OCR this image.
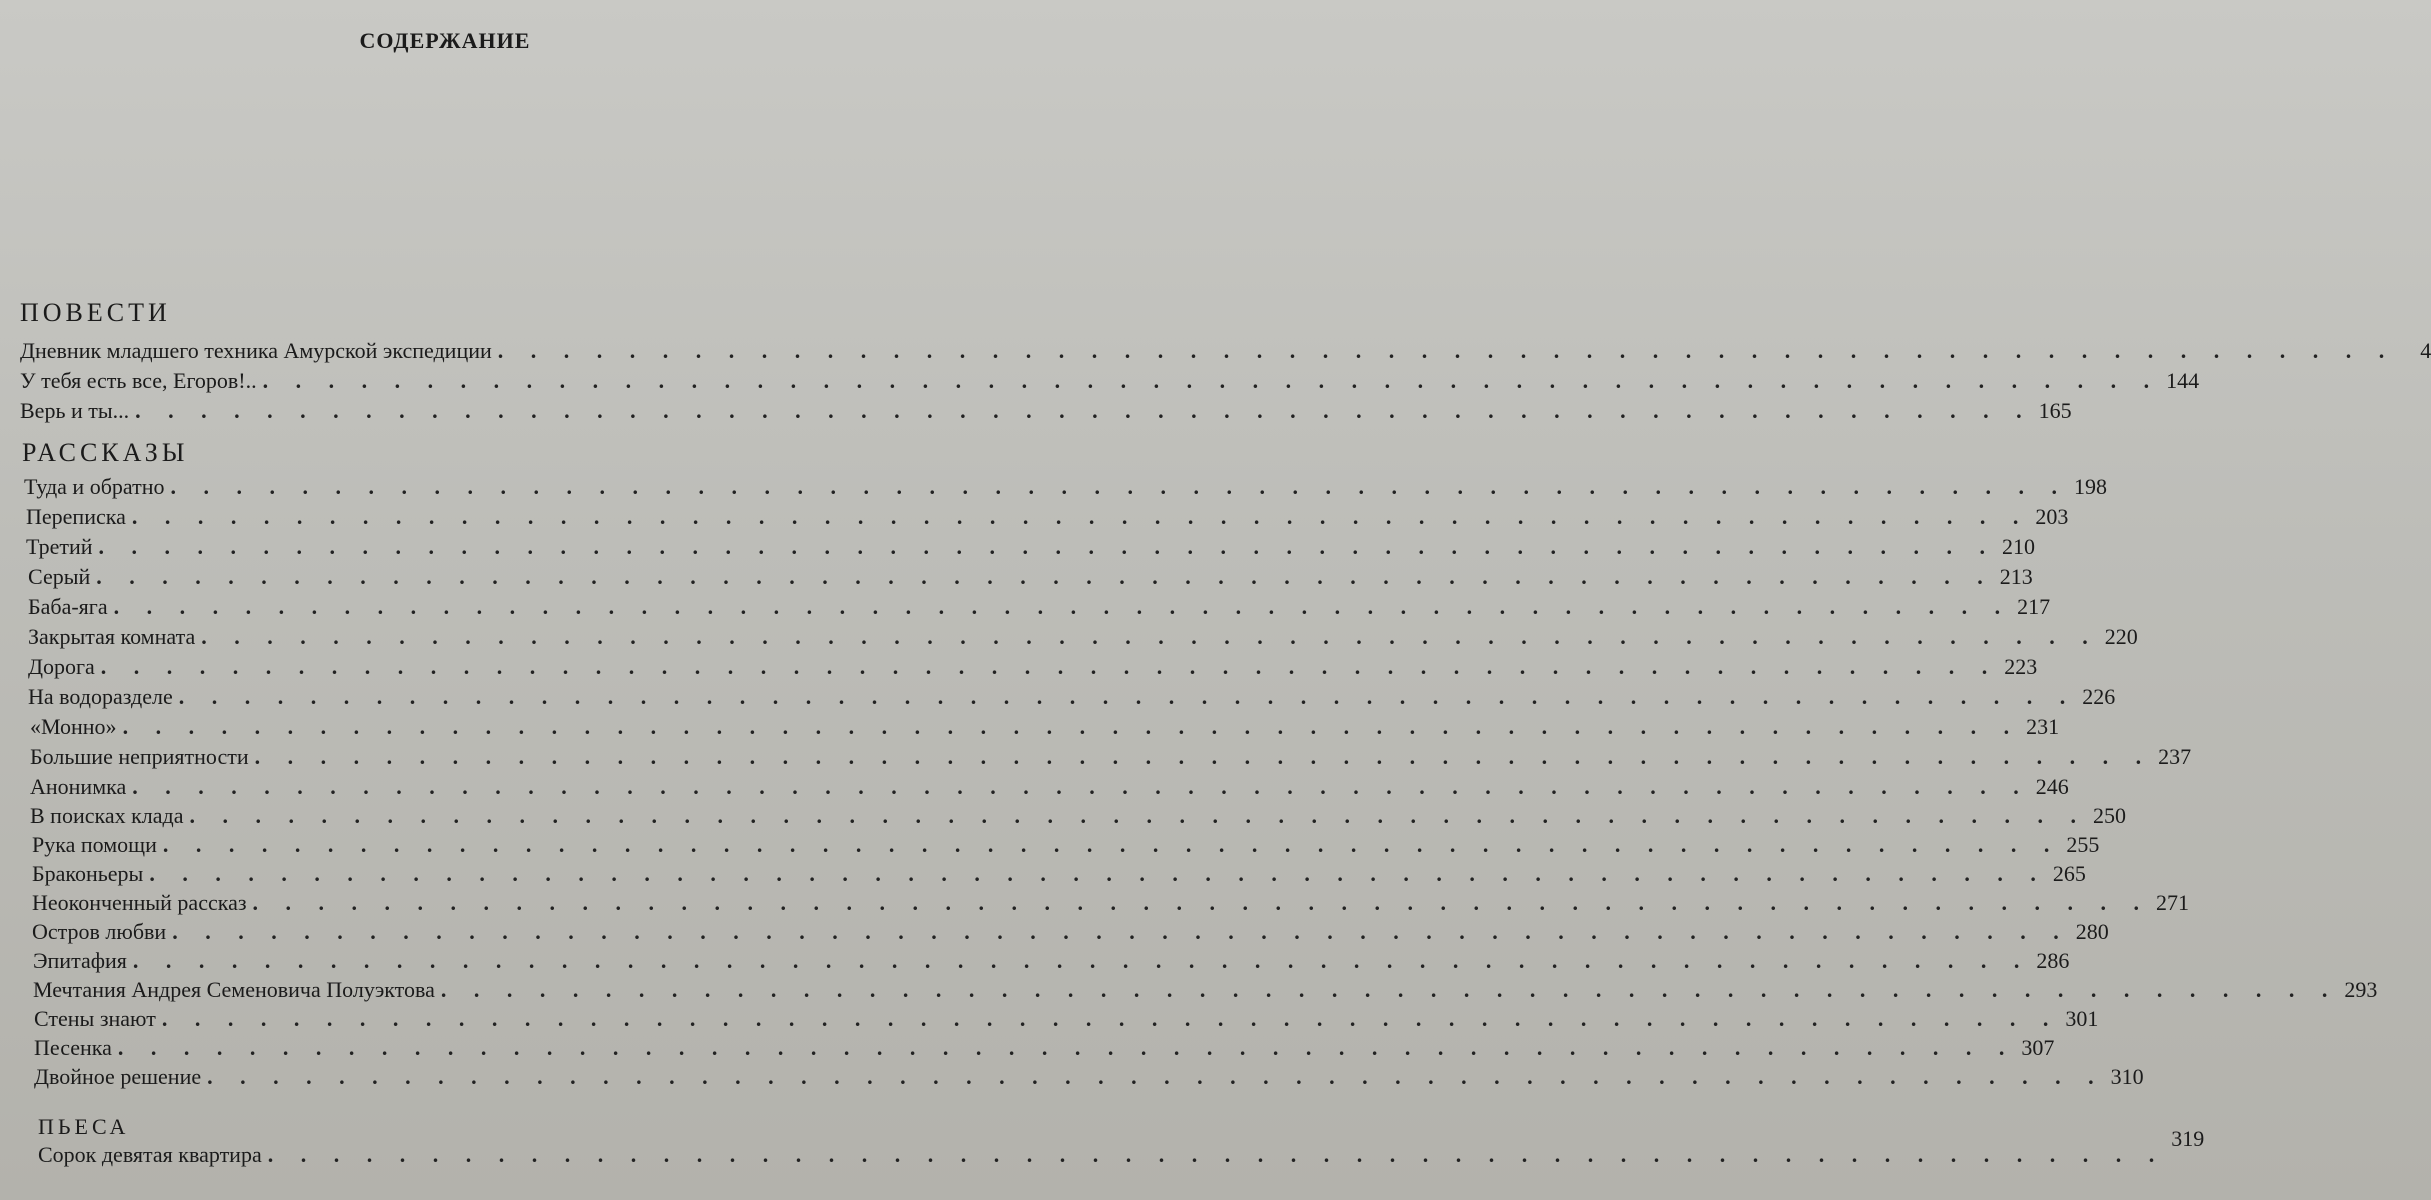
СОДЕРЖАНИЕ
ПОВЕСТИ
Дневник младшего техника Амурской экспедиции . . . . . . . . . . . . . . . . . . . . . . . . . . . . . . . . . . . . . . . . . . . . . . . . . . . . . . . . . .	4
У тебя есть все, Егоров!.. . . . . . . . . . . . . . . . . . . . . . . . . . . . . . . . . . . . . . . . . . . . . . . . . . . . . . . . . . . 144
Верь и ты... . . . . . . . . . . . . . . . . . . . . . . . . . . . . . . . . . . . . . . . . . . . . . . . . . . . . . . . . . . 165
РАССКАЗЫ
Туда и обратно . . . . . . . . . . . . . . . . . . . . . . . . . . . . . . . . . . . . . . . . . . . . . . . . . . . . . . . . . . 198
Переписка . . . . . . . . . . . . . . . . . . . . . . . . . . . . . . . . . . . . . . . . . . . . . . . . . . . . . . . . . . 203
Третий . . . . . . . . . . . . . . . . . . . . . . . . . . . . . . . . . . . . . . . . . . . . . . . . . . . . . . . . . . 210
Серый . . . . . . . . . . . . . . . . . . . . . . . . . . . . . . . . . . . . . . . . . . . . . . . . . . . . . . . . . . 213
Баба-яга . . . . . . . . . . . . . . . . . . . . . . . . . . . . . . . . . . . . . . . . . . . . . . . . . . . . . . . . . . 217
Закрытая комната . . . . . . . . . . . . . . . . . . . . . . . . . . . . . . . . . . . . . . . . . . . . . . . . . . . . . . . . . . 220
Дорога . . . . . . . . . . . . . . . . . . . . . . . . . . . . . . . . . . . . . . . . . . . . . . . . . . . . . . . . . . 223
На водоразделе . . . . . . . . . . . . . . . . . . . . . . . . . . . . . . . . . . . . . . . . . . . . . . . . . . . . . . . . . . 226
«Монно» . . . . . . . . . . . . . . . . . . . . . . . . . . . . . . . . . . . . . . . . . . . . . . . . . . . . . . . . . . 231
Большие неприятности . . . . . . . . . . . . . . . . . . . . . . . . . . . . . . . . . . . . . . . . . . . . . . . . . . . . . . . . . . 237
Анонимка . . . . . . . . . . . . . . . . . . . . . . . . . . . . . . . . . . . . . . . . . . . . . . . . . . . . . . . . . . 246
В поисках клада . . . . . . . . . . . . . . . . . . . . . . . . . . . . . . . . . . . . . . . . . . . . . . . . . . . . . . . . . . 250
Рука помощи . . . . . . . . . . . . . . . . . . . . . . . . . . . . . . . . . . . . . . . . . . . . . . . . . . . . . . . . . . 255
Браконьеры . . . . . . . . . . . . . . . . . . . . . . . . . . . . . . . . . . . . . . . . . . . . . . . . . . . . . . . . . . 265
Неоконченный рассказ . . . . . . . . . . . . . . . . . . . . . . . . . . . . . . . . . . . . . . . . . . . . . . . . . . . . . . . . . . 271
Остров любви . . . . . . . . . . . . . . . . . . . . . . . . . . . . . . . . . . . . . . . . . . . . . . . . . . . . . . . . . . 280
Эпитафия . . . . . . . . . . . . . . . . . . . . . . . . . . . . . . . . . . . . . . . . . . . . . . . . . . . . . . . . . . 286
Мечтания Андрея Семеновича Полуэктова . . . . . . . . . . . . . . . . . . . . . . . . . . . . . . . . . . . . . . . . . . . . . . . . . . . . . . . . . . 293
Стены знают . . . . . . . . . . . . . . . . . . . . . . . . . . . . . . . . . . . . . . . . . . . . . . . . . . . . . . . . . . 301
Песенка . . . . . . . . . . . . . . . . . . . . . . . . . . . . . . . . . . . . . . . . . . . . . . . . . . . . . . . . . . 307
Двойное решение . . . . . . . . . . . . . . . . . . . . . . . . . . . . . . . . . . . . . . . . . . . . . . . . . . . . . . . . . . 310
ПЬЕСА
Сорок девятая квартира . . . . . . . . . . . . . . . . . . . . . . . . . . . . . . . . . . . . . . . . . . . . . . . . . . . . . . . . . .
319
